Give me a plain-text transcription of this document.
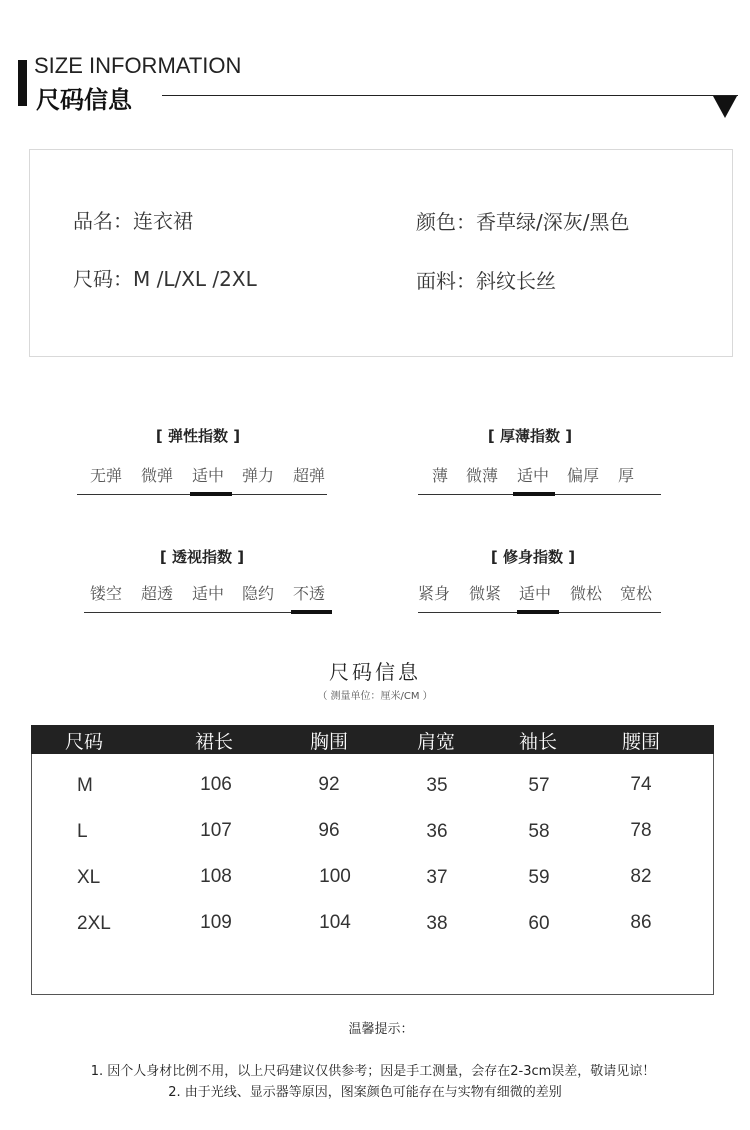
SIZE INFORMATION
尺码信息
品名：连衣裙	颜色：香草绿/深灰/黑色
尺码：M /L/XL /2XL	面料：斜纹长丝
[ 弹性指数 ]
无弹	微弹	适中	弹力	超弹
[ 厚薄指数 ]
薄	微薄	适中	偏厚	厚
[ 透视指数 ]
镂空	超透	适中	隐约	不透
[ 修身指数 ]
紧身	微紧	适中	微松	宽松
尺码信息
（ 测量单位：厘米/CM ）
尺码	裙长	胸围	肩宽	袖长	腰围
M	106	92	35	57	74
L	107	96	36	58	78
XL	108	100	37	59	82
2XL	109	104	38	60	86
温馨提示：
1. 因个人身材比例不用，以上尺码建议仅供参考；因是手工测量，会存在2-3cm误差，敬请见谅！
2. 由于光线、显示器等原因，图案颜色可能存在与实物有细微的差别
